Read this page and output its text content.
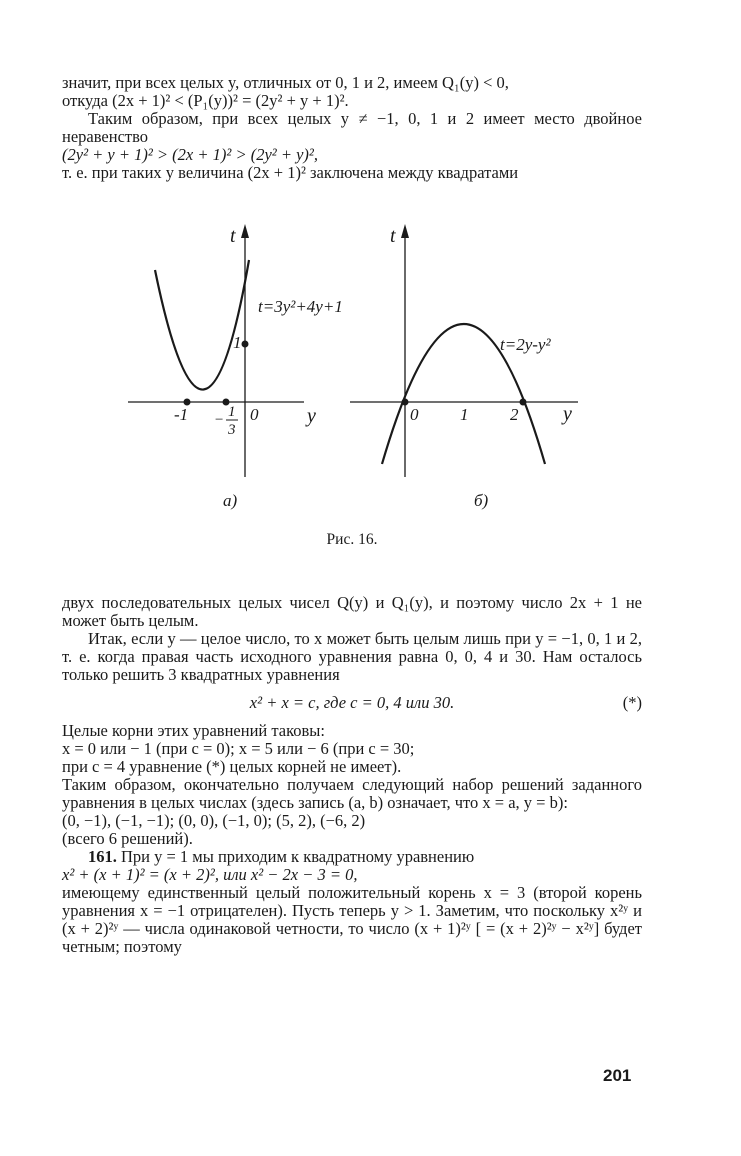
значит, при всех целых y, отличных от 0, 1 и 2, имеем Q₁(y) < 0,

откуда (2x + 1)² < (P₁(y))² = (2y² + y + 1)².

Таким образом, при всех целых y ≠ −1, 0, 1 и 2 имеет место двойное неравенство

(2y² + y + 1)² > (2x + 1)² > (2y² + y)²,

т. е. при таких y величина (2x + 1)² заключена между квадратами

t
y
t=3y²+4y+1
-1 − 1
3
0
1
а)
t
y
t=2y-y²
0 1 2
б)
Рис. 16.

двух последовательных целых чисел Q(y) и Q₁(y), и поэтому число 2x + 1 не может быть целым.

Итак, если y — целое число, то x может быть целым лишь при y = −1, 0, 1 и 2, т. е. когда правая часть исходного уравнения равна 0, 0, 4 и 30. Нам осталось только решить 3 квадратных уравнения

x² + x = c, где c = 0, 4 или 30.	(*)

Целые корни этих уравнений таковы:

x = 0 или − 1 (при c = 0); x = 5 или − 6 (при c = 30;

при c = 4 уравнение (*) целых корней не имеет).

Таким образом, окончательно получаем следующий набор решений заданного уравнения в целых числах (здесь запись (a, b) означает, что x = a, y = b):

(0, −1), (−1, −1); (0, 0), (−1, 0); (5, 2), (−6, 2)

(всего 6 решений).

161. При y = 1 мы приходим к квадратному уравнению

x² + (x + 1)² = (x + 2)², или x² − 2x − 3 = 0,

имеющему единственный целый положительный корень x = 3 (второй корень уравнения x = −1 отрицателен). Пусть теперь y > 1. Заметим, что поскольку x²ʸ и (x + 2)²ʸ — числа одинаковой четности, то число (x + 1)²ʸ [ = (x + 2)²ʸ − x²ʸ] будет четным; поэтому

201
